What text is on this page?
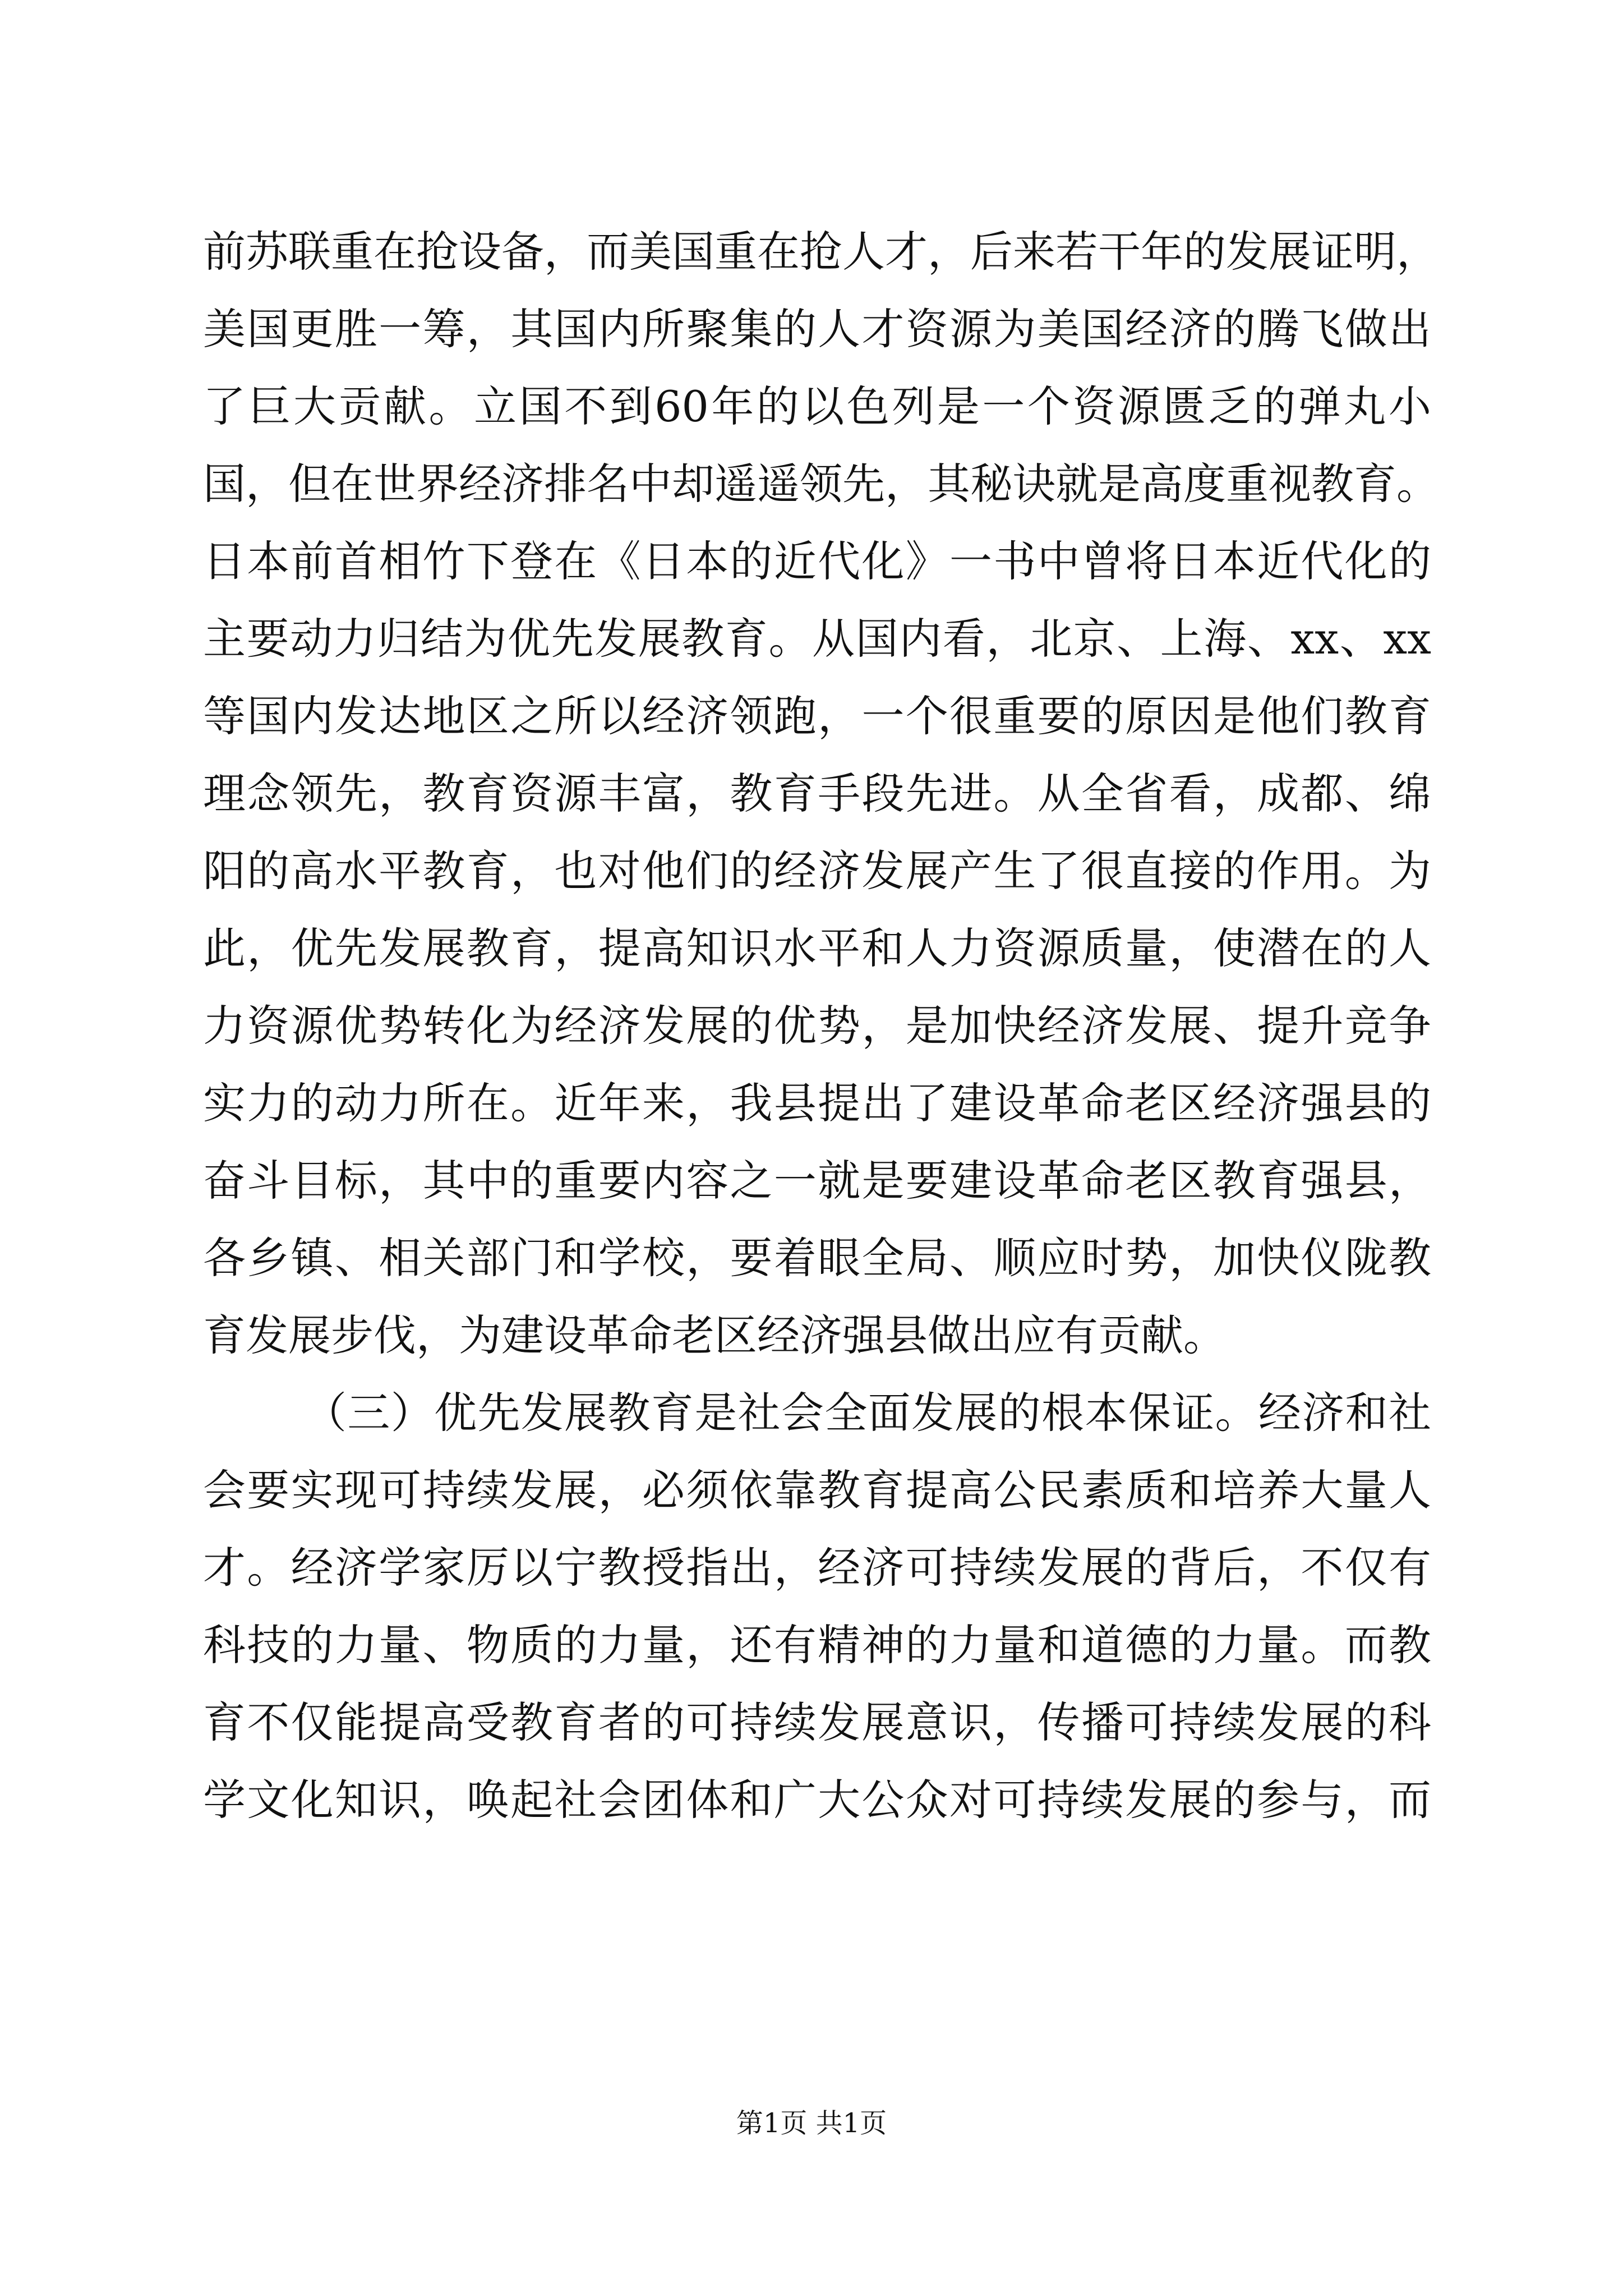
前苏联重在抢设备，而美国重在抢人才，后来若干年的发展证明，
美国更胜一筹，其国内所聚集的人才资源为美国经济的腾飞做出
了巨大贡献。立国不到60年的以色列是一个资源匮乏的弹丸小
国，但在世界经济排名中却遥遥领先，其秘诀就是高度重视教育。
日本前首相竹下登在《日本的近代化》一书中曾将日本近代化的
主要动力归结为优先发展教育。从国内看，北京、上海、xx、xx
等国内发达地区之所以经济领跑，一个很重要的原因是他们教育
理念领先，教育资源丰富，教育手段先进。从全省看，成都、绵
阳的高水平教育，也对他们的经济发展产生了很直接的作用。为
此，优先发展教育，提高知识水平和人力资源质量，使潜在的人
力资源优势转化为经济发展的优势，是加快经济发展、提升竞争
实力的动力所在。近年来，我县提出了建设革命老区经济强县的
奋斗目标，其中的重要内容之一就是要建设革命老区教育强县，
各乡镇、相关部门和学校，要着眼全局、顺应时势，加快仪陇教
育发展步伐，为建设革命老区经济强县做出应有贡献。
（三）优先发展教育是社会全面发展的根本保证。经济和社
会要实现可持续发展，必须依靠教育提高公民素质和培养大量人
才。经济学家厉以宁教授指出，经济可持续发展的背后，不仅有
科技的力量、物质的力量，还有精神的力量和道德的力量。而教
育不仅能提高受教育者的可持续发展意识，传播可持续发展的科
学文化知识，唤起社会团体和广大公众对可持续发展的参与，而
第1页 共1页
